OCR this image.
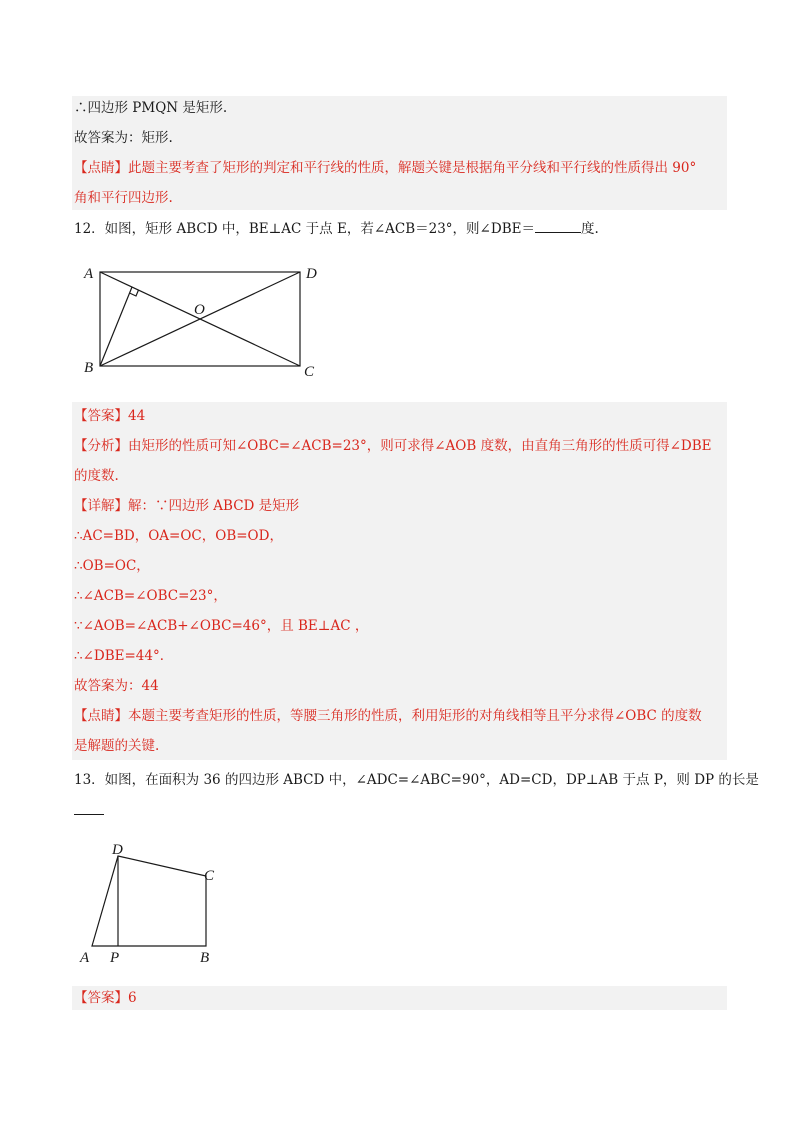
∴四边形 PMQN 是矩形.
故答案为：矩形.
【点睛】此题主要考查了矩形的判定和平行线的性质，解题关键是根据角平分线和平行线的性质得出 90°
角和平行四边形.
12．如图，矩形 ABCD 中，BE⊥AC 于点 E，若∠ACB＝23°，则∠DBE＝	度.
A	D
B	C
O
【答案】44
【分析】由矩形的性质可知∠OBC=∠ACB=23°，则可求得∠AOB 度数，由直角三角形的性质可得∠DBE
的度数.
【详解】解：∵四边形 ABCD 是矩形
∴AC=BD，OA=OC，OB=OD，
∴OB=OC，
∴∠ACB=∠OBC=23°，
∵∠AOB=∠ACB+∠OBC=46°，且 BE⊥AC ，
∴∠DBE=44°．
故答案为：44
【点睛】本题主要考查矩形的性质，等腰三角形的性质，利用矩形的对角线相等且平分求得∠OBC 的度数
是解题的关键.
13．如图，在面积为 36 的四边形 ABCD 中，∠ADC=∠ABC=90°，AD=CD，DP⊥AB 于点 P，则 DP 的长是
D
C
A P	B
【答案】6
